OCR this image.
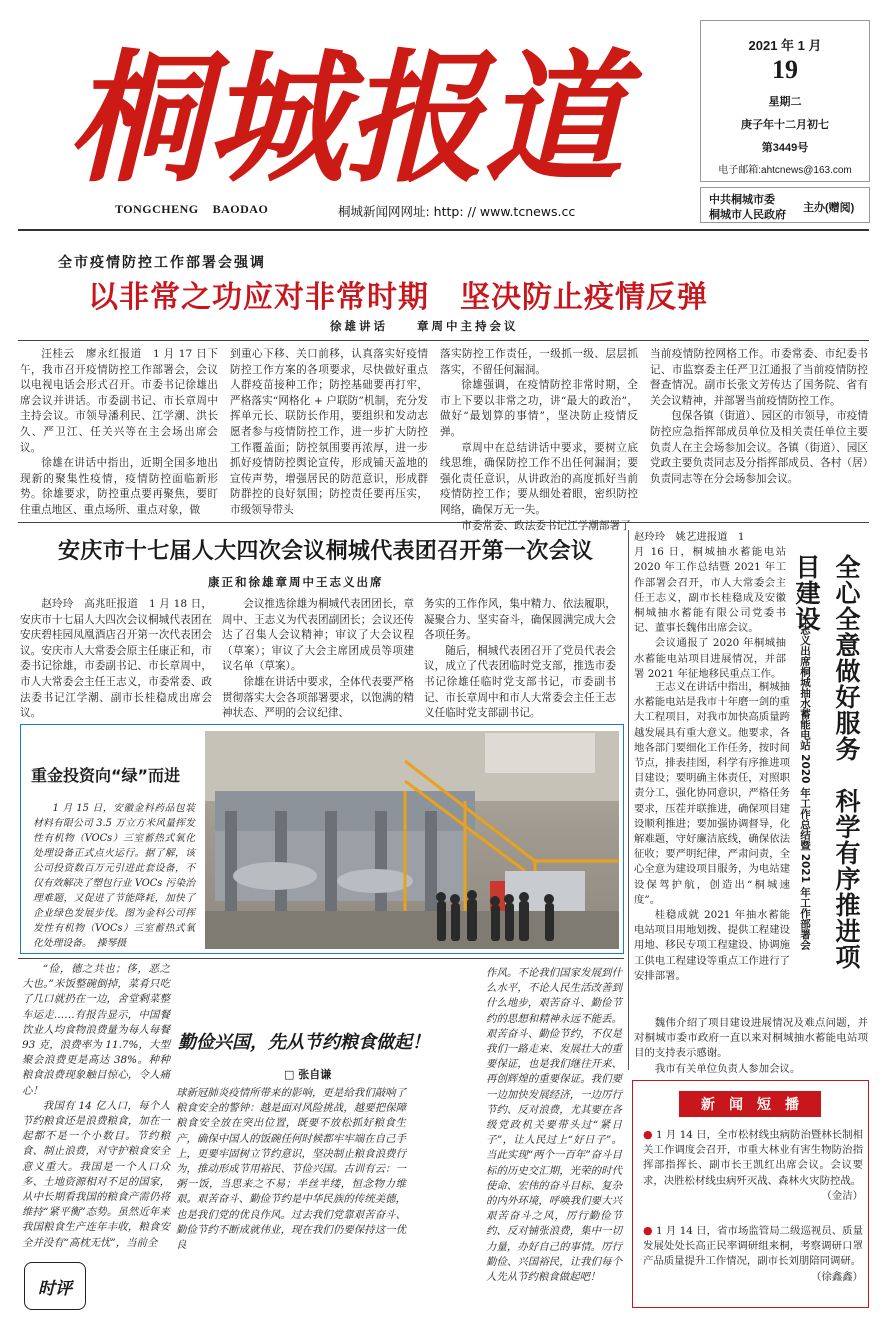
桐城报道
TONGCHENG BAODAO	桐城新闻网网址: http: // www.tcnews.cc
2021 年 1 月
19
星期二
庚子年十二月初七
第3449号
电子邮箱:ahtcnews@163.com
中共桐城市委
桐城市人民政府
主办(赠阅)
全市疫情防控工作部署会强调
以非常之功应对非常时期　坚决防止疫情反弹
徐雄讲话　　章周中主持会议

汪桂云　廖永红报道　1 月 17 日下午，我市召开疫情防控工作部署会，会议以电视电话会形式召开。市委书记徐雄出席会议并讲话。市委副书记、市长章周中主持会议。市领导潘利民、江学潮、洪长久、严卫江、任关兴等在主会场出席会议。

徐雄在讲话中指出，近期全国多地出现新的聚集性疫情，疫情防控面临新形势。徐雄要求，防控重点要再聚焦，要盯住重点地区、重点场所、重点对象，做

到重心下移、关口前移，认真落实好疫情防控工作方案的各项要求，尽快做好重点人群疫苗接种工作；防控基础要再打牢，严格落实“网格化 + 户联防”机制，充分发挥单元长、联防长作用，要组织和发动志愿者参与疫情防控工作，进一步扩大防控工作覆盖面；防控氛围要再浓厚，进一步抓好疫情防控舆论宣传，形成铺天盖地的宣传声势，增强居民的防范意识，形成群防群控的良好氛围；防控责任要再压实，市级领导带头

落实防控工作责任，一级抓一级、层层抓落实，不留任何漏洞。

徐雄强调，在疫情防控非常时期，全市上下要以非常之功，讲“最大的政治”，做好“最划算的事情”，坚决防止疫情反弹。

章周中在总结讲话中要求，要树立底线思维，确保防控工作不出任何漏洞；要强化责任意识，从讲政治的高度抓好当前疫情防控工作；要从细处着眼，密织防控网络，确保万无一失。

市委常委、政法委书记江学潮部署了

当前疫情防控网格工作。市委常委、市纪委书记、市监察委主任严卫江通报了当前疫情防控督查情况。副市长张文芳传达了国务院、省有关会议精神，并部署当前疫情防控工作。

包保各镇（街道）、园区的市领导，市疫情防控应急指挥部成员单位及相关责任单位主要负责人在主会场参加会议。各镇（街道）、园区党政主要负责同志及分指挥部成员、各村（居）负责同志等在分会场参加会议。

安庆市十七届人大四次会议桐城代表团召开第一次会议
康正和徐雄章周中王志义出席

赵玲玲　高兆旺报道　1 月 18 日，安庆市十七届人大四次会议桐城代表团在安庆碧桂园凤凰酒店召开第一次代表团会议。安庆市人大常委会原主任康正和，市委书记徐雄，市委副书记、市长章周中，市人大常委会主任王志义，市委常委、政法委书记江学潮、副市长桂稳成出席会议。

会议推选徐雄为桐城代表团团长，章周中、王志义为代表团副团长；会议还传达了召集人会议精神；审议了大会议程（草案）；审议了大会主席团成员等项建议名单（草案）。

徐雄在讲话中要求，全体代表要严格贯彻落实大会各项部署要求，以饱满的精神状态、严明的会议纪律、

务实的工作作风，集中精力、依法履职，凝聚合力、坚实奋斗，确保圆满完成大会各项任务。

随后，桐城代表团召开了党员代表会议，成立了代表团临时党支部，推选市委书记徐雄任临时党支部书记，市委副书记、市长章周中和市人大常委会主任王志义任临时党支部副书记。

重金投资向“绿”而进

1 月 15 日，安徽金科药品包装材料有限公司 3.5 万立方米风量挥发性有机物（VOCs）三室蓄热式氧化处理设备正式点火运行。据了解，该公司投资数百万元引进此套设备，不仅有效解决了塑包行业 VOCs 污染治理难题，又促进了节能降耗，加快了企业绿色发展步伐。图为金科公司挥发性有机物（VOCs）三室蓄热式氧化处理设备。　操琴摄

赵玲玲　姚艺进报道　1

月 16 日，桐城抽水蓄能电站 2020 年工作总结暨 2021 年工作部署会召开，市人大常委会主任王志义，副市长桂稳成及安徽桐城抽水蓄能有限公司党委书记、董事长魏伟出席会议。

会议通报了 2020 年桐城抽水蓄能电站项目进展情况，并部署 2021 年征地移民重点工作。	全心全意做好服务　科学有序推进项目建设
王志义出席桐城抽水蓄能电站 2020 年工作总结暨 2021 年工作部署会

王志义在讲话中指出，桐城抽水蓄能电站是我市十年磨一剑的重大工程项目，对我市加快高质量跨越发展具有重大意义。他要求，各地各部门要细化工作任务，按时间节点，排表挂图，科学有序推进项目建设；要明确主体责任，对照职责分工，强化协同意识，严格任务要求，压茬并联推进，确保项目建设顺利推进；要加强协调督导，化解难题，守好廉洁底线，确保依法征收；要严明纪律，严肃问责，全心全意为建设项目服务，为电站建设保驾护航，创造出“桐城速度”。

桂稳成就 2021 年抽水蓄能电站项目用地划拨、提供工程建设用地、移民专项工程建设、协调施工供电工程建设等重点工作进行了安排部署。

魏伟介绍了项目建设进展情况及难点问题，并对桐城市委市政府一直以来对桐城抽水蓄能电站项目的支持表示感谢。

我市有关单位负责人参加会议。

“俭，德之共也；侈，恶之大也。”米饭整碗倒掉，菜肴只吃了几口就扔在一边，舍堂剩菜整车运走……有报告显示，中国餐饮业人均食物浪费量为每人每餐 93 克，浪费率为 11.7%，大型聚会浪费更是高达 38%。种种粮食浪费现象触目惊心，令人痛心！

我国有 14 亿人口，每个人节约粮食还是浪费粮食，加在一起都不是一个小数目。节约粮食、制止浪费，对守护粮食安全意义重大。我国是一个人口众多、土地资源相对不足的国家，从中长期看我国的粮食产需仍将维持“紧平衡”态势。虽然近年来我国粮食生产连年丰收，粮食安全并没有“高枕无忧”，当前全

时评
勤俭兴国，先从节约粮食做起！
□ 张自谦

球新冠肺炎疫情所带来的影响，更是给我们敲响了粮食安全的警钟：越是面对风险挑战，越要把保障粮食安全放在突出位置，既要不放松抓好粮食生产，确保中国人的饭碗任何时候都牢牢端在自己手上，更要牢固树立节约意识，坚决制止粮食浪费行为，推动形成节用裕民、节俭兴国。古训有云：一粥一饭，当思来之不易；半丝半缕，恒念物力维艰。艰苦奋斗、勤俭节约是中华民族的传统美德，也是我们党的优良作风。过去我们党靠艰苦奋斗、勤俭节约不断成就伟业，现在我们仍要保持这一优良

作风。不论我们国家发展到什么水平，不论人民生活改善到什么地步，艰苦奋斗、勤俭节约的思想和精神永远不能丢。艰苦奋斗、勤俭节约，不仅是我们一路走来、发展壮大的重要保证，也是我们继往开来、再创辉煌的重要保证。我们要一边加快发展经济，一边厉行节约、反对浪费，尤其要在各级党政机关要带头过“紧日子”，让人民过上“好日子”。当此实现“两个一百年”奋斗目标的历史交汇期，光荣的时代使命、宏伟的奋斗目标、复杂的内外环境，呼唤我们要大兴艰苦奋斗之风，厉行勤俭节约、反对铺张浪费，集中一切力量，办好自己的事情。厉行勤俭、兴国裕民，让我们每个人先从节约粮食做起吧！

新　闻　短　播
● 1 月 14 日，全市松材线虫病防治暨林长制相关工作调度会召开，市重大林业有害生物防治指挥部指挥长、副市长王凯红出席会议。会议要求，决胜松材线虫病歼灭战、森林火灾防控战。
（金洁）
● 1 月 14 日，省市场监管局二级巡视员、质量发展处处长高正民率调研组来桐，考察调研口罩产品质量提升工作情况，副市长刘朋陪同调研。
（徐鑫鑫）
